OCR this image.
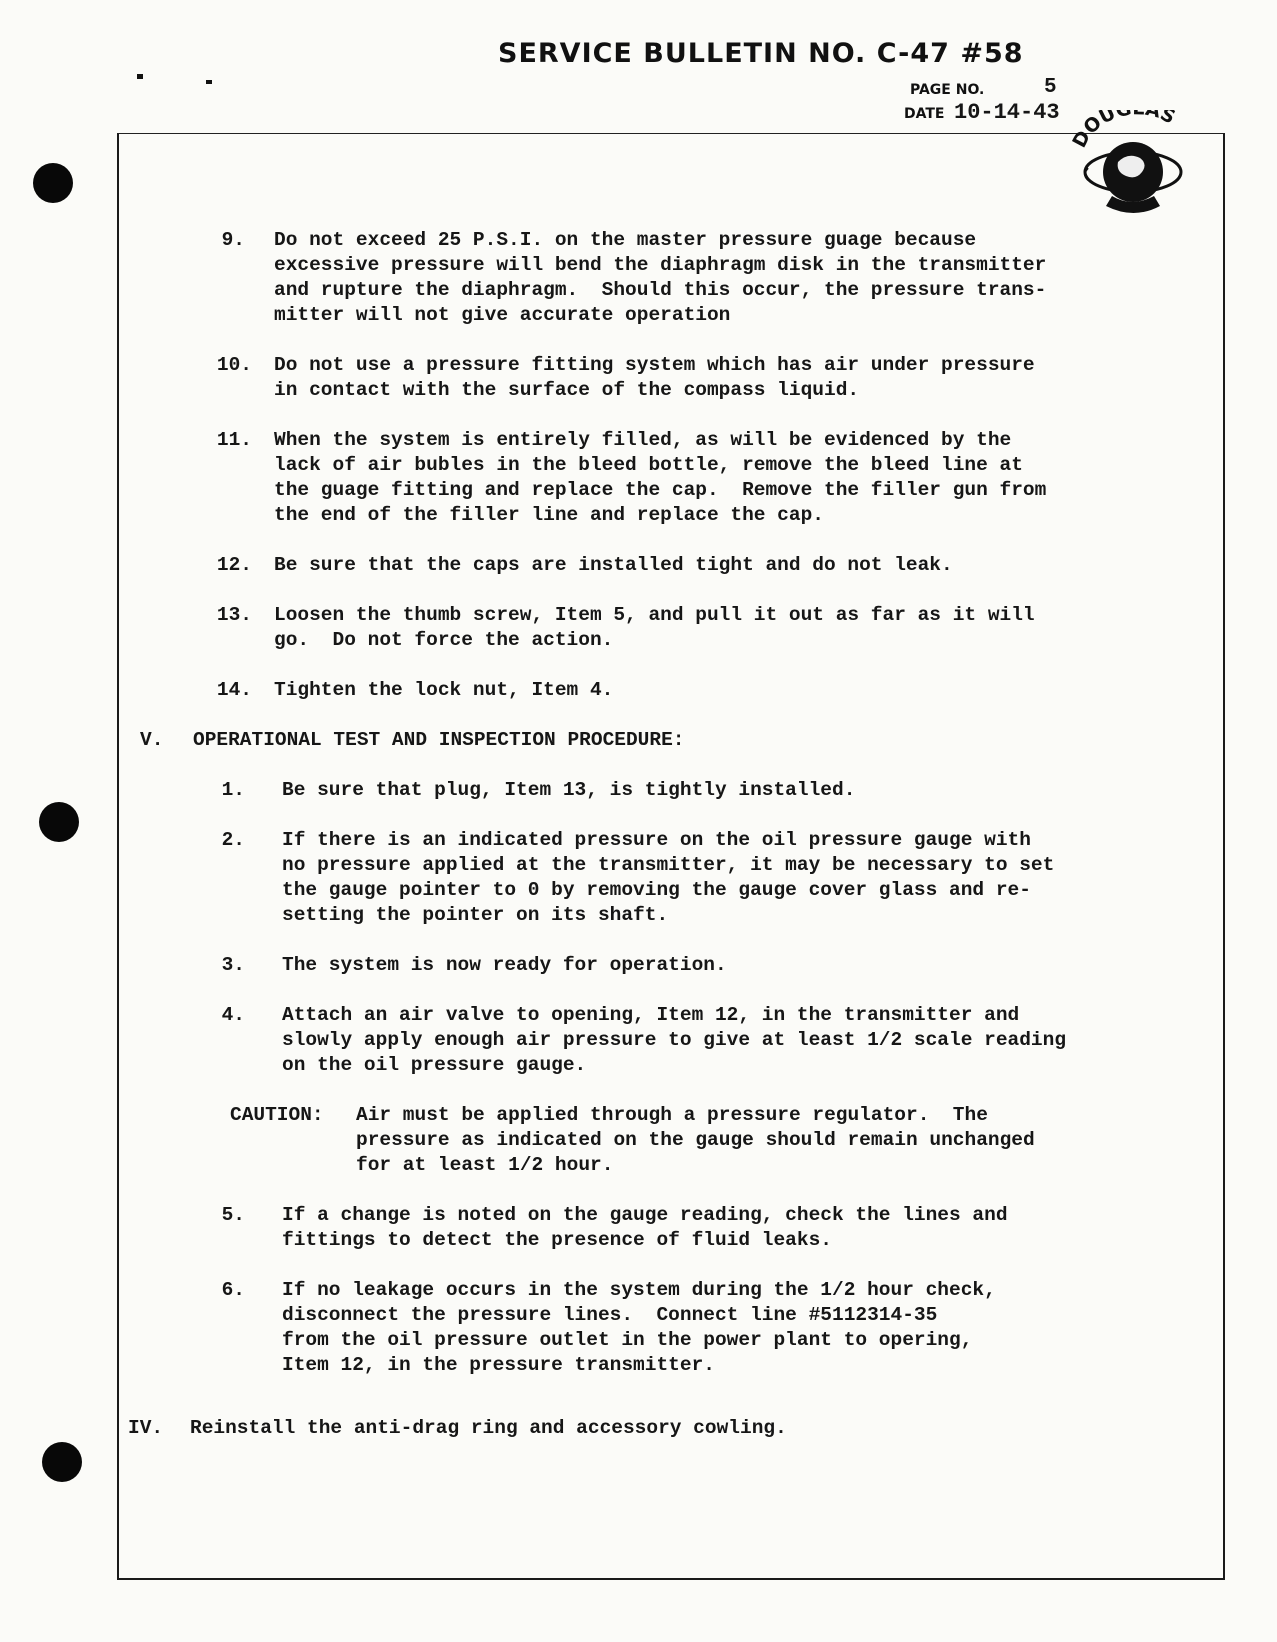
SERVICE BULLETIN NO. C-47 #58
PAGE NO.	5
DATE 10-14-43
DOU AS
9. Do not exceed 25 P.S.I. on the master pressure guage because
excessive pressure will bend the diaphragm disk in the transmitter
and rupture the diaphragm.  Should this occur, the pressure trans-
mitter will not give accurate operation
10. Do not use a pressure fitting system which has air under pressure
in contact with the surface of the compass liquid.
11. When the system is entirely filled, as will be evidenced by the
lack of air bubles in the bleed bottle, remove the bleed line at
the guage fitting and replace the cap.  Remove the filler gun from
the end of the filler line and replace the cap.
12. Be sure that the caps are installed tight and do not leak.
13. Loosen the thumb screw, Item 5, and pull it out as far as it will
go.  Do not force the action.
14. Tighten the lock nut, Item 4.
V. OPERATIONAL TEST AND INSPECTION PROCEDURE:
1. Be sure that plug, Item 13, is tightly installed.
2. If there is an indicated pressure on the oil pressure gauge with
no pressure applied at the transmitter, it may be necessary to set
the gauge pointer to 0 by removing the gauge cover glass and re-
setting the pointer on its shaft.
3. The system is now ready for operation.
4. Attach an air valve to opening, Item 12, in the transmitter and
slowly apply enough air pressure to give at least 1/2 scale reading
on the oil pressure gauge.
CAUTION: Air must be applied through a pressure regulator.  The
pressure as indicated on the gauge should remain unchanged
for at least 1/2 hour.
5. If a change is noted on the gauge reading, check the lines and
fittings to detect the presence of fluid leaks.
6. If no leakage occurs in the system during the 1/2 hour check,
disconnect the pressure lines.  Connect line #5112314-35
from the oil pressure outlet in the power plant to opering,
Item 12, in the pressure transmitter.
IV. Reinstall the anti-drag ring and accessory cowling.
